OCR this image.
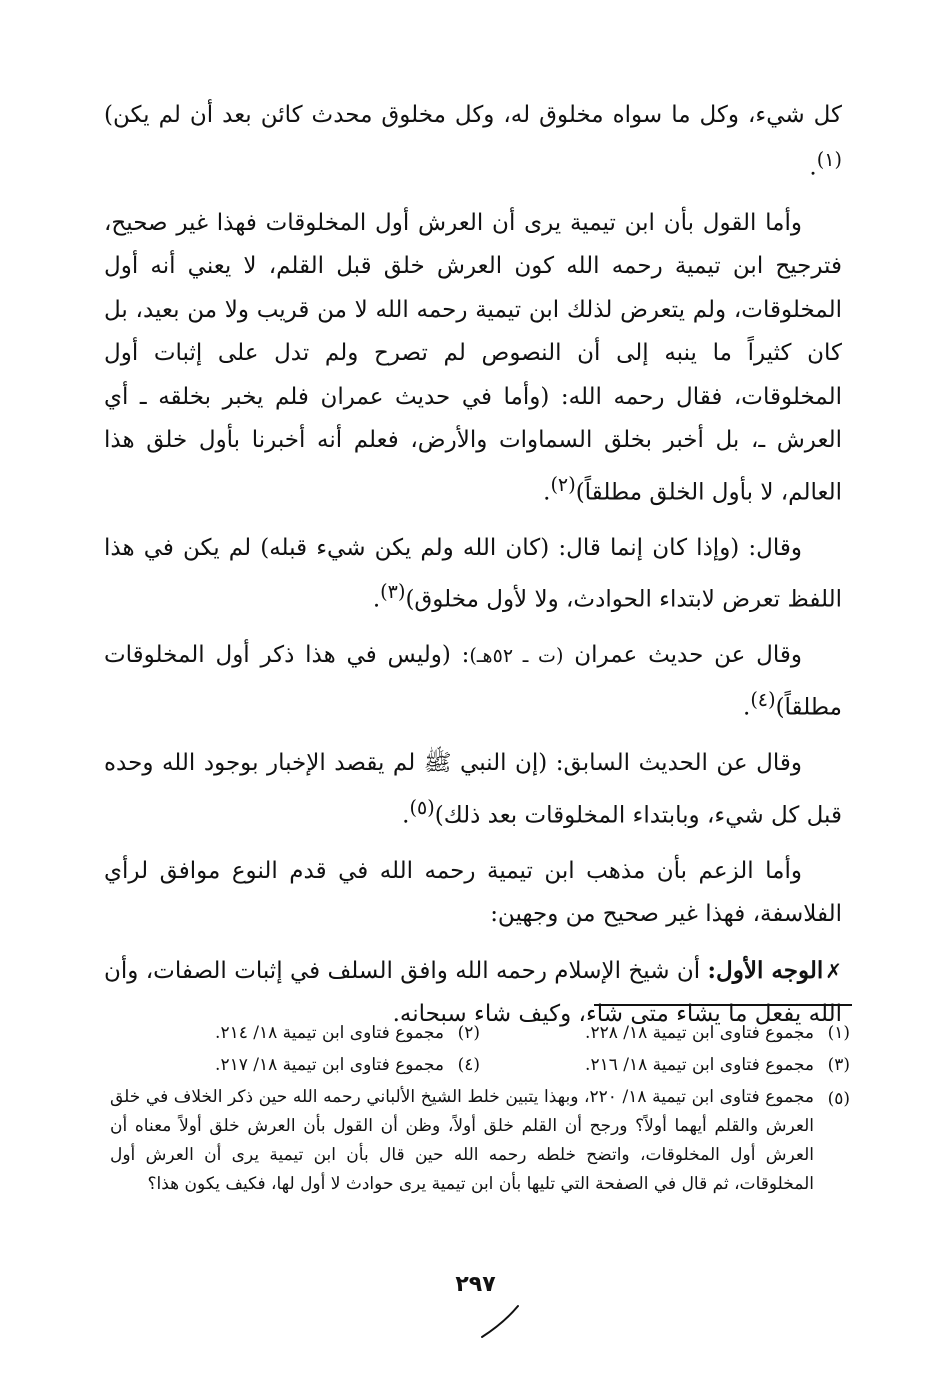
كل شيء، وكل ما سواه مخلوق له، وكل مخلوق محدث كائن بعد أن لم يكن)$^{(١)}$.

وأما القول بأن ابن تيمية يرى أن العرش أول المخلوقات فهذا غير صحيح، فترجيح ابن تيمية رحمه الله كون العرش خلق قبل القلم، لا يعني أنه أول المخلوقات، ولم يتعرض لذلك ابن تيمية رحمه الله لا من قريب ولا من بعيد، بل كان كثيراً ما ينبه إلى أن النصوص لم تصرح ولم تدل على إثبات أول المخلوقات، فقال رحمه الله: (وأما في حديث عمران فلم يخبر بخلقه ـ أي العرش ـ، بل أخبر بخلق السماوات والأرض، فعلم أنه أخبرنا بأول خلق هذا العالم، لا بأول الخلق مطلقاً)$^{(٢)}$.

وقال: (وإذا كان إنما قال: (كان الله ولم يكن شيء قبله) لم يكن في هذا اللفظ تعرض لابتداء الحوادث، ولا لأول مخلوق)$^{(٣)}$.

وقال عن حديث عمران (ت ـ ٥٢هـ): (وليس في هذا ذكر أول المخلوقات مطلقاً)$^{(٤)}$.

وقال عن الحديث السابق: (إن النبي ﷺ لم يقصد الإخبار بوجود الله وحده قبل كل شيء، وبابتداء المخلوقات بعد ذلك)$^{(٥)}$.

وأما الزعم بأن مذهب ابن تيمية رحمه الله في قدم النوع موافق لرأي الفلاسفة، فهذا غير صحيح من وجهين:

✗الوجه الأول: أن شيخ الإسلام رحمه الله وافق السلف في إثبات الصفات، وأن الله يفعل ما يشاء متى شاء، وكيف شاء سبحانه.

(١)مجموع فتاوى ابن تيمية ١٨/ ٢٢٨.
(٢)مجموع فتاوى ابن تيمية ١٨/ ٢١٤.
(٣)مجموع فتاوى ابن تيمية ١٨/ ٢١٦.
(٤)مجموع فتاوى ابن تيمية ١٨/ ٢١٧.
(٥)
مجموع فتاوى ابن تيمية ١٨/ ٢٢٠، وبهذا يتبين خلط الشيخ الألباني رحمه الله حين ذكر الخلاف في خلق العرش والقلم أيهما أولاً؟ ورجح أن القلم خلق أولاً، وظن أن القول بأن العرش خلق أولاً معناه أن العرش أول المخلوقات، واتضح خلطه رحمه الله حين قال بأن ابن تيمية يرى أن العرش أول المخلوقات، ثم قال في الصفحة التي تليها بأن ابن تيمية يرى حوادث لا أول لها، فكيف يكون هذا؟
٢٩٧
